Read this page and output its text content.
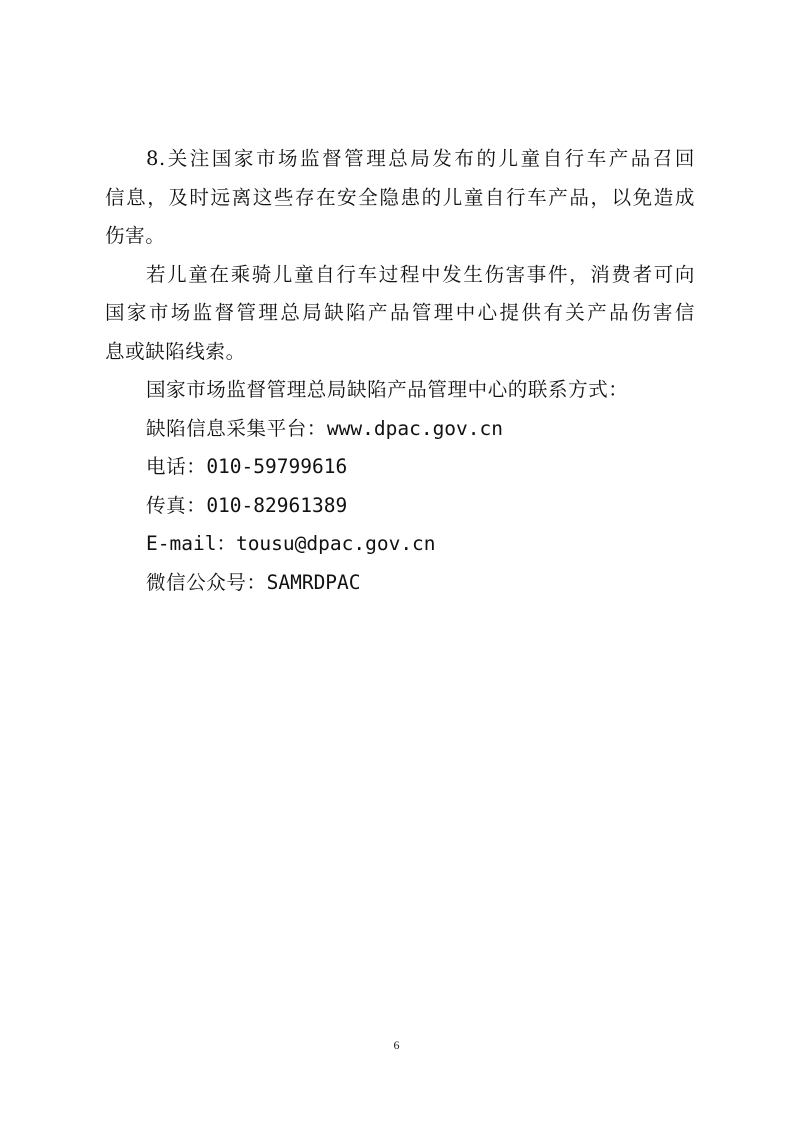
8.关注国家市场监督管理总局发布的儿童自行车产品召回
信息，及时远离这些存在安全隐患的儿童自行车产品，以免造成
伤害。
若儿童在乘骑儿童自行车过程中发生伤害事件，消费者可向
国家市场监督管理总局缺陷产品管理中心提供有关产品伤害信
息或缺陷线索。
国家市场监督管理总局缺陷产品管理中心的联系方式：
缺陷信息采集平台：www.dpac.gov.cn
电话：010-59799616
传真：010-82961389
E-mail：tousu@dpac.gov.cn
微信公众号：SAMRDPAC
6
